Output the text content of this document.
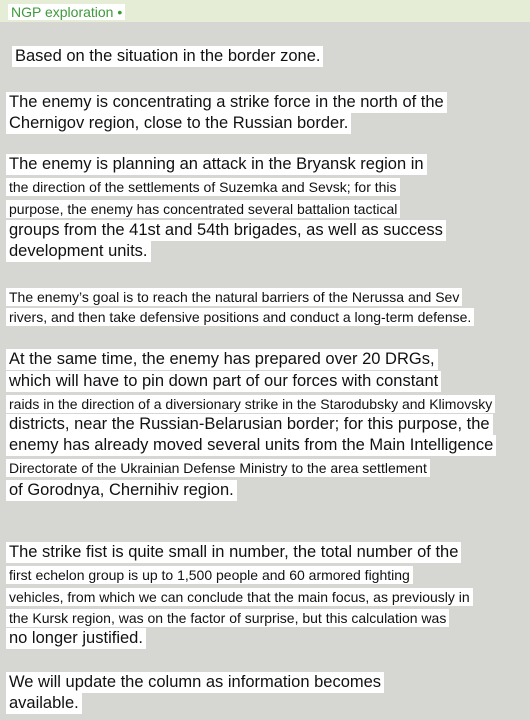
NGP exploration •
Based on the situation in the border zone.
The enemy is concentrating a strike force in the north of the
Chernigov region, close to the Russian border.
The enemy is planning an attack in the Bryansk region in
the direction of the settlements of Suzemka and Sevsk; for this
purpose, the enemy has concentrated several battalion tactical
groups from the 41st and 54th brigades, as well as success
development units.
The enemy’s goal is to reach the natural barriers of the Nerussa and Sev
rivers, and then take defensive positions and conduct a long-term defense.
At the same time, the enemy has prepared over 20 DRGs,
which will have to pin down part of our forces with constant
raids in the direction of a diversionary strike in the Starodubsky and Klimovsky
districts, near the Russian-Belarusian border; for this purpose, the
enemy has already moved several units from the Main Intelligence
Directorate of the Ukrainian Defense Ministry to the area settlement
of Gorodnya, Chernihiv region.
The strike fist is quite small in number, the total number of the
first echelon group is up to 1,500 people and 60 armored fighting
vehicles, from which we can conclude that the main focus, as previously in
the Kursk region, was on the factor of surprise, but this calculation was
no longer justified.
We will update the column as information becomes
available.
